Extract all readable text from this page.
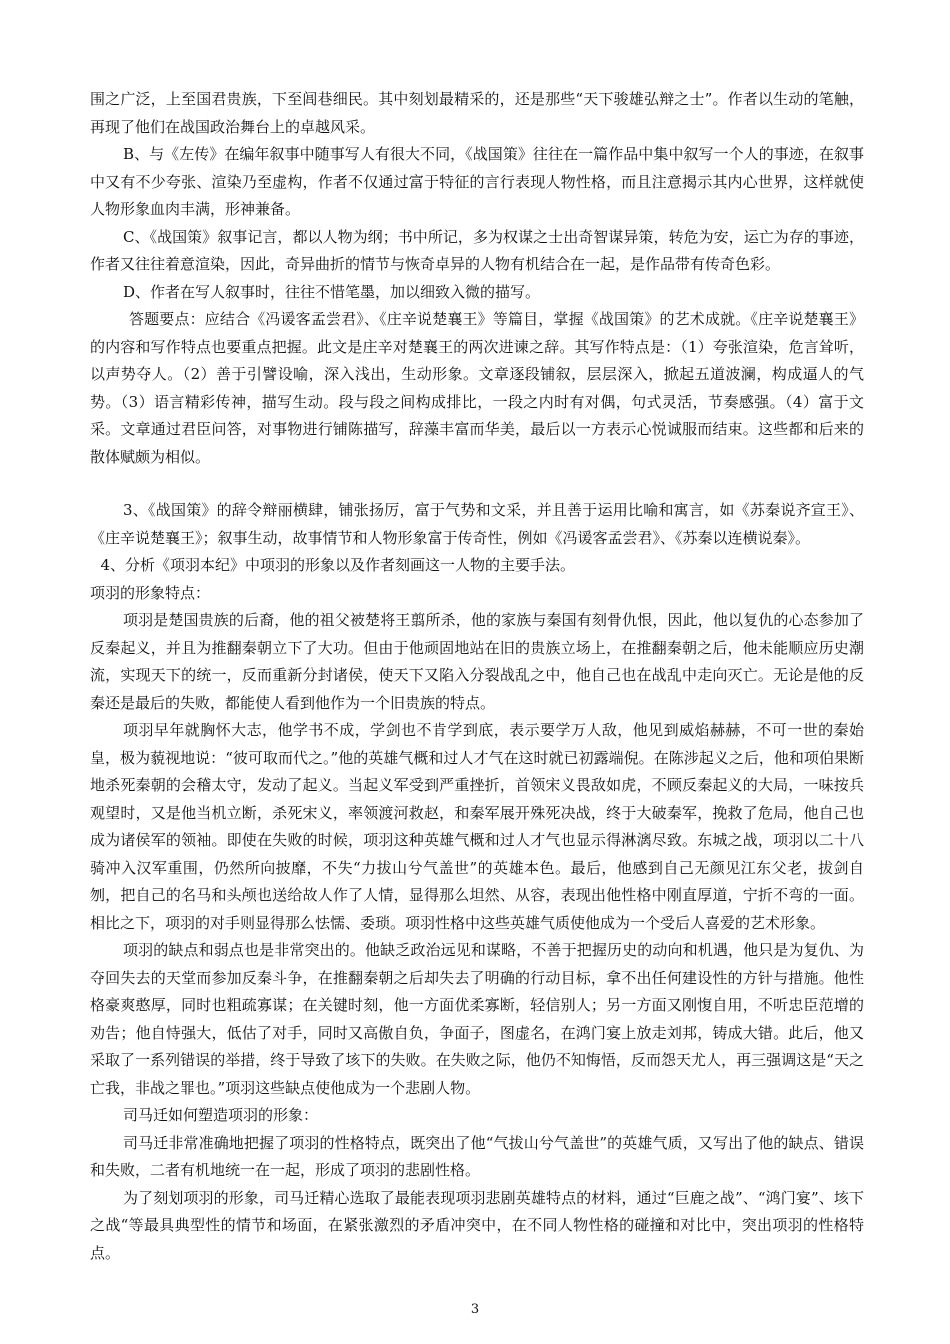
围之广泛，上至国君贵族，下至闾巷细民。其中刻划最精采的，还是那些“天下骏雄弘辩之士”。作者以生动的笔触，再现了他们在战国政治舞台上的卓越风采。

B、与《左传》在编年叙事中随事写人有很大不同，《战国策》往往在一篇作品中集中叙写一个人的事迹，在叙事中又有不少夸张、渲染乃至虚构，作者不仅通过富于特征的言行表现人物性格，而且注意揭示其内心世界，这样就使人物形象血肉丰满，形神兼备。

C、《战国策》叙事记言，都以人物为纲；书中所记，多为权谋之士出奇智谋异策，转危为安，运亡为存的事迹，作者又往往着意渲染，因此，奇异曲折的情节与恢奇卓异的人物有机结合在一起，是作品带有传奇色彩。

D、作者在写人叙事时，往往不惜笔墨，加以细致入微的描写。

答题要点：应结合《冯谖客孟尝君》、《庄辛说楚襄王》等篇目，掌握《战国策》的艺术成就。《庄辛说楚襄王》的内容和写作特点也要重点把握。此文是庄辛对楚襄王的两次进谏之辞。其写作特点是：（1）夸张渲染，危言耸听，以声势夺人。（2）善于引譬设喻，深入浅出，生动形象。文章逐段铺叙，层层深入，掀起五道波澜，构成逼人的气势。（3）语言精彩传神，描写生动。段与段之间构成排比，一段之内时有对偶，句式灵活，节奏感强。（4）富于文采。文章通过君臣问答，对事物进行铺陈描写，辞藻丰富而华美，最后以一方表示心悦诚服而结束。这些都和后来的散体赋颇为相似。

3、《战国策》的辞令辩丽横肆，铺张扬厉，富于气势和文采，并且善于运用比喻和寓言，如《苏秦说齐宣王》、《庄辛说楚襄王》；叙事生动，故事情节和人物形象富于传奇性，例如《冯谖客孟尝君》、《苏秦以连横说秦》。

4、分析《项羽本纪》中项羽的形象以及作者刻画这一人物的主要手法。

项羽的形象特点：

项羽是楚国贵族的后裔，他的祖父被楚将王翦所杀，他的家族与秦国有刻骨仇恨，因此，他以复仇的心态参加了反秦起义，并且为推翻秦朝立下了大功。但由于他顽固地站在旧的贵族立场上，在推翻秦朝之后，他未能顺应历史潮流，实现天下的统一，反而重新分封诸侯，使天下又陷入分裂战乱之中，他自己也在战乱中走向灭亡。无论是他的反秦还是最后的失败，都能使人看到他作为一个旧贵族的特点。

项羽早年就胸怀大志，他学书不成，学剑也不肯学到底，表示要学万人敌，他见到威焰赫赫，不可一世的秦始皇，极为藐视地说：“彼可取而代之。”他的英雄气概和过人才气在这时就已初露端倪。在陈涉起义之后，他和项伯果断地杀死秦朝的会稽太守，发动了起义。当起义军受到严重挫折，首领宋义畏敌如虎，不顾反秦起义的大局，一味按兵观望时，又是他当机立断，杀死宋义，率领渡河救赵，和秦军展开殊死决战，终于大破秦军，挽救了危局，他自己也成为诸侯军的领袖。即使在失败的时候，项羽这种英雄气概和过人才气也显示得淋漓尽致。东城之战，项羽以二十八骑冲入汉军重围，仍然所向披靡，不失“力拔山兮气盖世”的英雄本色。最后，他感到自己无颜见江东父老，拔剑自刎，把自己的名马和头颅也送给故人作了人情，显得那么坦然、从容，表现出他性格中刚直厚道，宁折不弯的一面。相比之下，项羽的对手则显得那么怯懦、委琐。项羽性格中这些英雄气质使他成为一个受后人喜爱的艺术形象。

项羽的缺点和弱点也是非常突出的。他缺乏政治远见和谋略，不善于把握历史的动向和机遇，他只是为复仇、为夺回失去的天堂而参加反秦斗争，在推翻秦朝之后却失去了明确的行动目标，拿不出任何建设性的方针与措施。他性格豪爽憨厚，同时也粗疏寡谋；在关键时刻，他一方面优柔寡断，轻信别人；另一方面又刚愎自用，不听忠臣范增的劝告；他自恃强大，低估了对手，同时又高傲自负，争面子，图虚名，在鸿门宴上放走刘邦，铸成大错。此后，他又采取了一系列错误的举措，终于导致了垓下的失败。在失败之际，他仍不知悔悟，反而怨天尤人，再三强调这是“天之亡我，非战之罪也。”项羽这些缺点使他成为一个悲剧人物。

司马迁如何塑造项羽的形象：

司马迁非常准确地把握了项羽的性格特点，既突出了他“气拔山兮气盖世”的英雄气质，又写出了他的缺点、错误和失败，二者有机地统一在一起，形成了项羽的悲剧性格。

为了刻划项羽的形象，司马迁精心选取了最能表现项羽悲剧英雄特点的材料，通过“巨鹿之战”、“鸿门宴”、垓下之战“等最具典型性的情节和场面，在紧张激烈的矛盾冲突中，在不同人物性格的碰撞和对比中，突出项羽的性格特点。

3
